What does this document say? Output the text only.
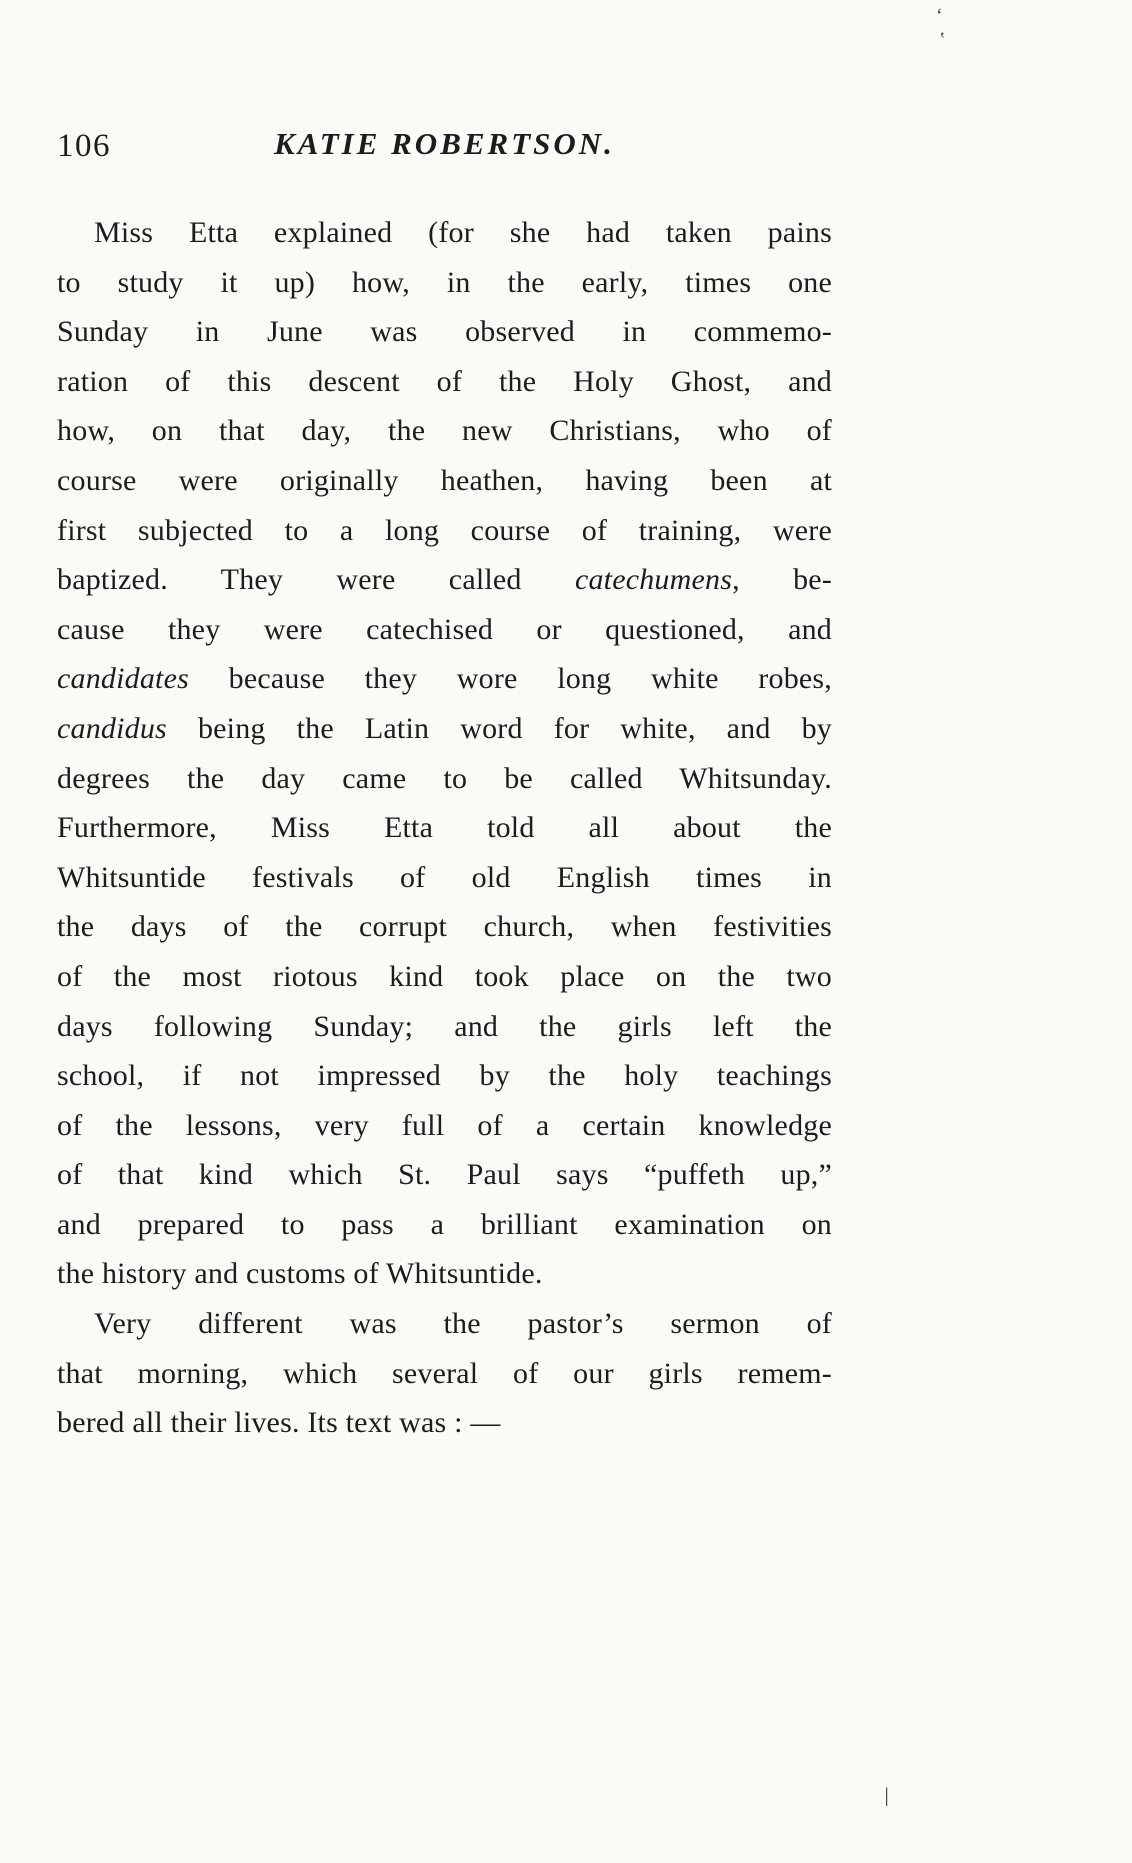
ʻ
ʽ
ǀ
106	KATIE ROBERTSON.
Miss Etta explained (for she had taken pains
to study it up) how, in the early, times one
Sunday in June was observed in commemo-
ration of this descent of the Holy Ghost, and
how, on that day, the new Christians, who of
course were originally heathen, having been at
first subjected to a long course of training, were
baptized. They were called catechumens, be-
cause they were catechised or questioned, and
candidates because they wore long white robes,
candidus being the Latin word for white, and by
degrees the day came to be called Whitsunday.
Furthermore, Miss Etta told all about the
Whitsuntide festivals of old English times in
the days of the corrupt church, when festivities
of the most riotous kind took place on the two
days following Sunday; and the girls left the
school, if not impressed by the holy teachings
of the lessons, very full of a certain knowledge
of that kind which St. Paul says “puffeth up,”
and prepared to pass a brilliant examination on
the history and customs of Whitsuntide.
Very different was the pastor’s sermon of
that morning, which several of our girls remem-
bered all their lives. Its text was : —
